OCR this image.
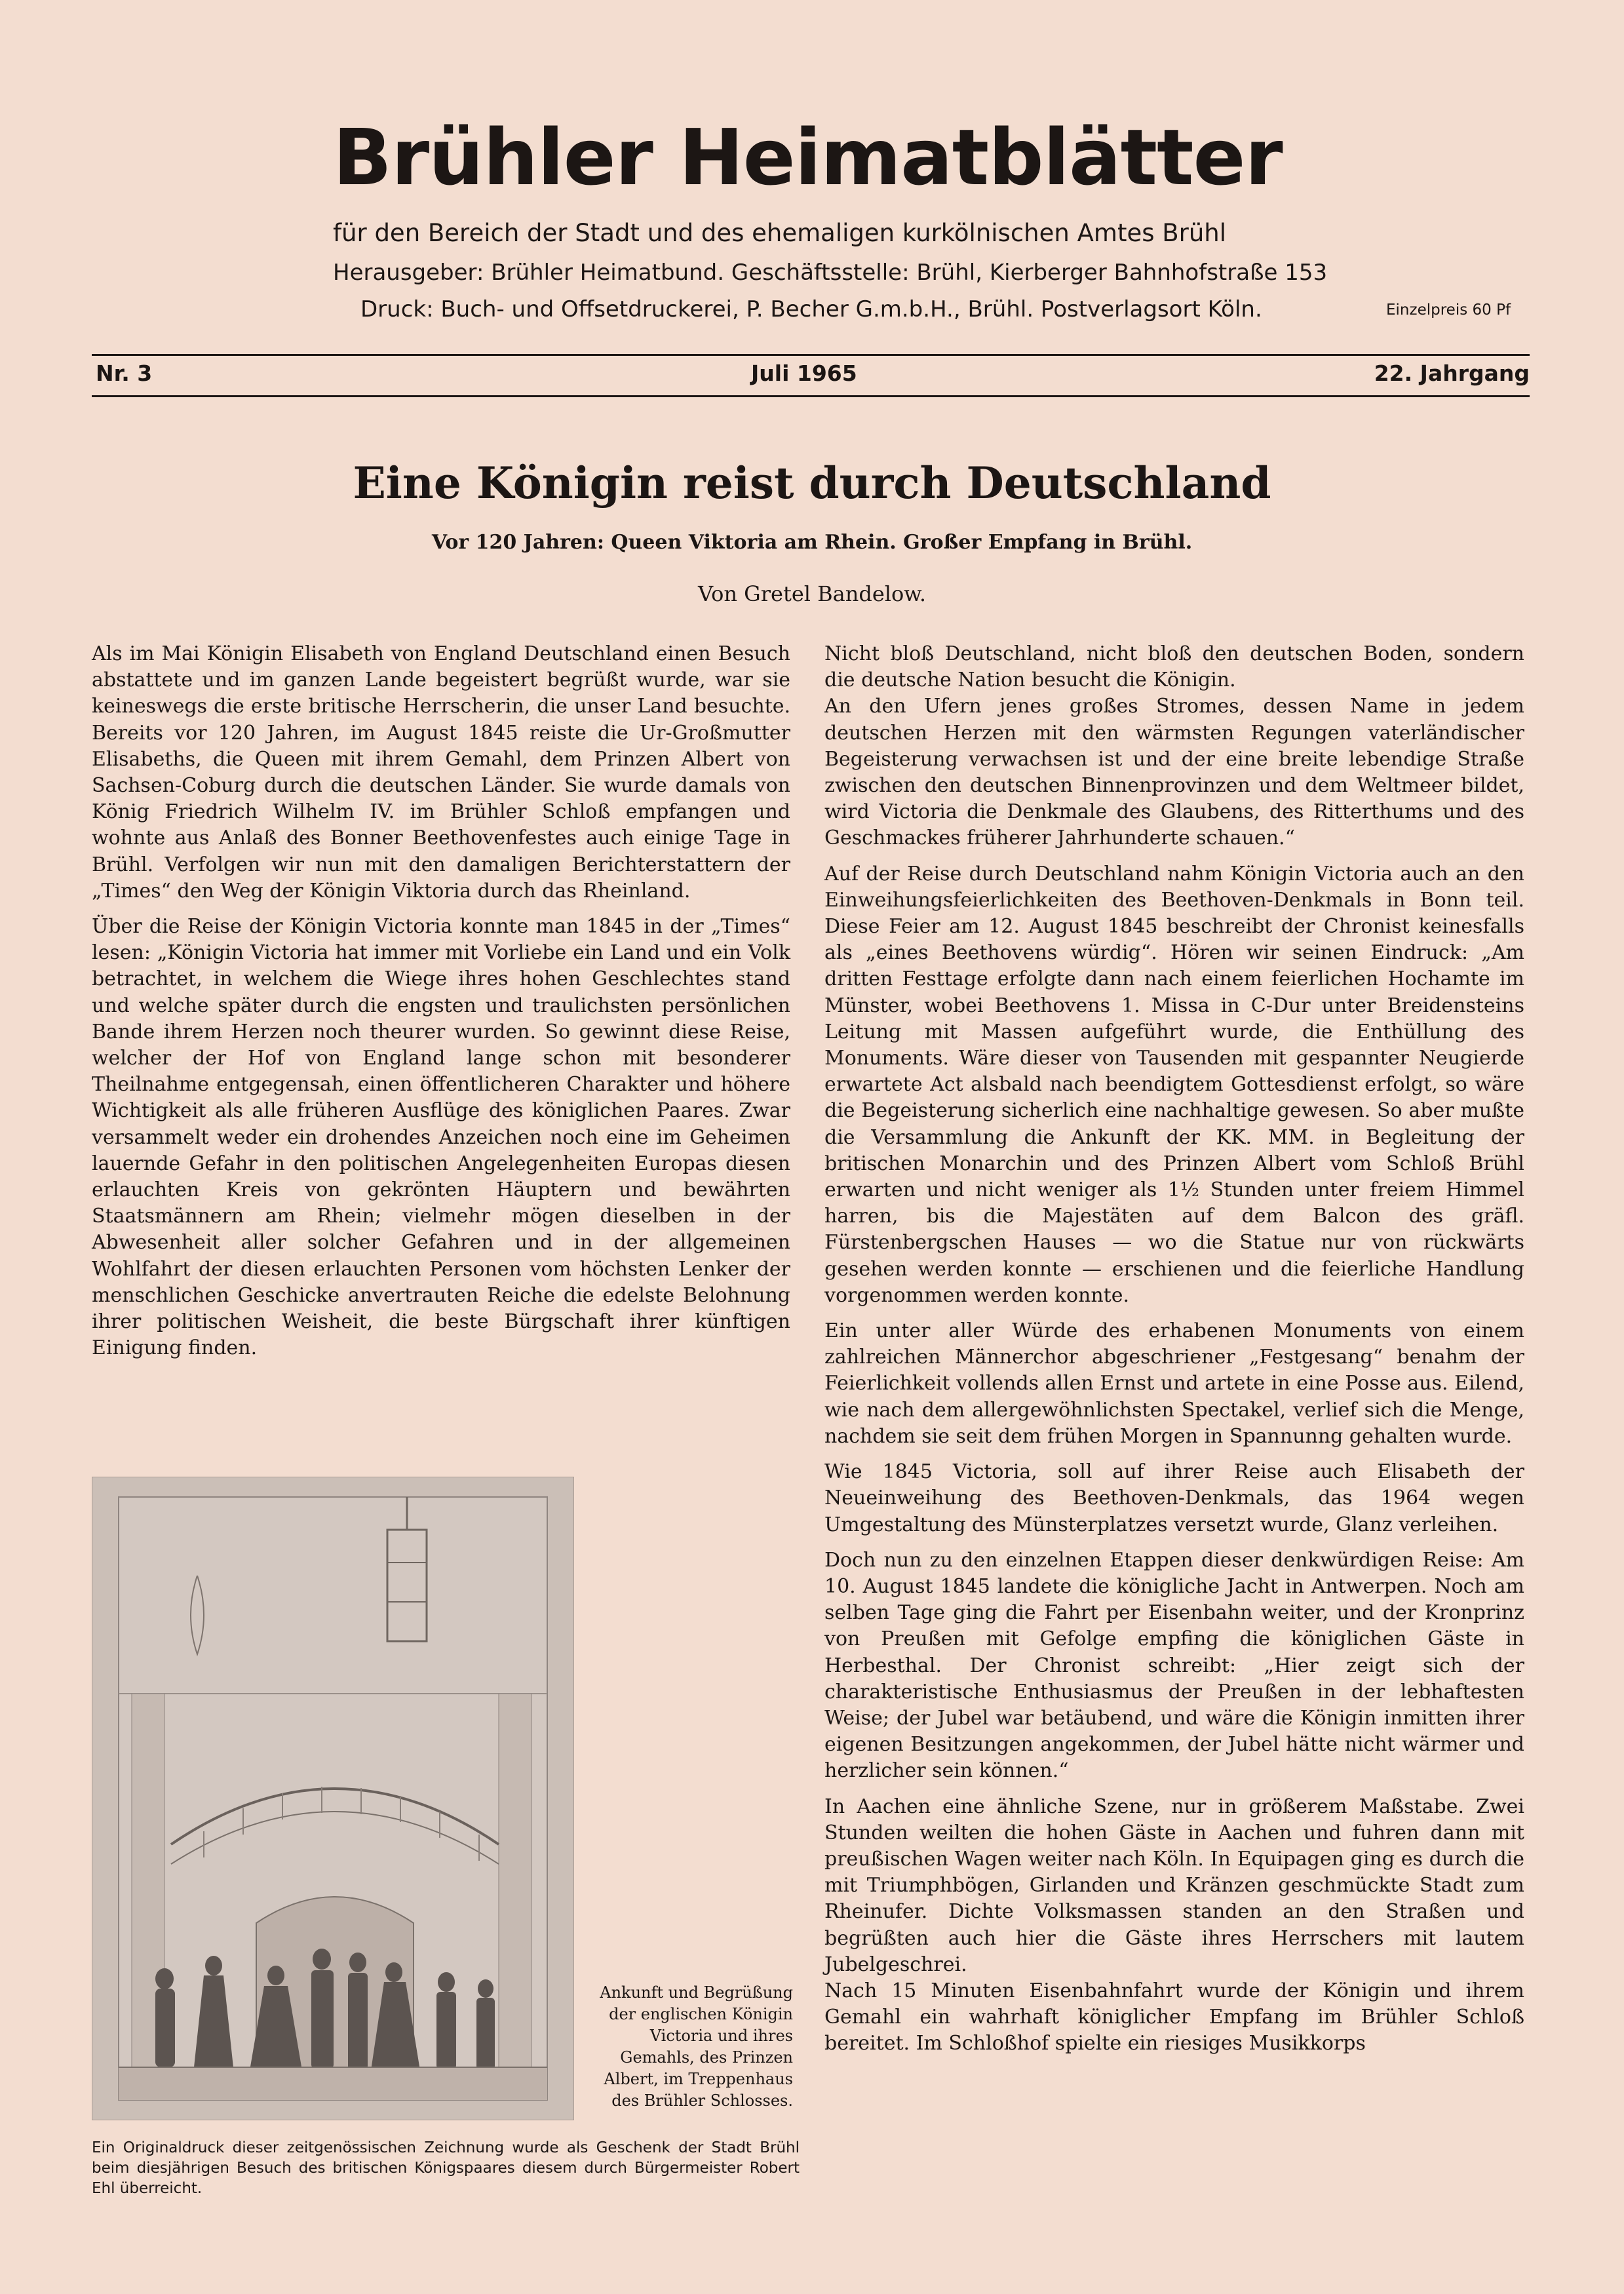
Brühler Heimatblätter
für den Bereich der Stadt und des ehemaligen kurkölnischen Amtes Brühl
Herausgeber: Brühler Heimatbund. Geschäftsstelle: Brühl, Kierberger Bahnhofstraße 153
Druck: Buch- und Offsetdruckerei, P. Becher G.m.b.H., Brühl. Postverlagsort Köln.	Einzelpreis 60 Pf
Nr. 3	Juli 1965	22. Jahrgang
Eine Königin reist durch Deutschland
Vor 120 Jahren: Queen Viktoria am Rhein. Großer Empfang in Brühl.
Von Gretel Bandelow.

Als im Mai Königin Elisabeth von England Deutschland einen Besuch abstattete und im ganzen Lande begeistert begrüßt wurde, war sie keineswegs die erste britische Herrscherin, die unser Land besuchte. Bereits vor 120 Jahren, im August 1845 reiste die Ur-Großmutter Elisabeths, die Queen mit ihrem Gemahl, dem Prinzen Albert von Sachsen-Coburg durch die deutschen Länder. Sie wurde damals von König Friedrich Wilhelm IV. im Brühler Schloß empfangen und wohnte aus Anlaß des Bonner Beethovenfestes auch einige Tage in Brühl. Verfolgen wir nun mit den damaligen Berichterstattern der „Times“ den Weg der Königin Viktoria durch das Rheinland.

Über die Reise der Königin Victoria konnte man 1845 in der „Times“ lesen: „Königin Victoria hat immer mit Vorliebe ein Land und ein Volk betrachtet, in welchem die Wiege ihres hohen Geschlechtes stand und welche später durch die engsten und traulichsten persönlichen Bande ihrem Herzen noch theurer wurden. So gewinnt diese Reise, welcher der Hof von England lange schon mit besonderer Theilnahme entgegensah, einen öffentlicheren Charakter und höhere Wichtigkeit als alle früheren Ausflüge des königlichen Paares. Zwar versammelt weder ein drohendes Anzeichen noch eine im Geheimen lauernde Gefahr in den politischen Angelegenheiten Europas diesen erlauchten Kreis von gekrönten Häuptern und bewährten Staatsmännern am Rhein; vielmehr mögen dieselben in der Abwesenheit aller solcher Gefahren und in der allgemeinen Wohlfahrt der diesen erlauchten Personen vom höchsten Lenker der menschlichen Geschicke anvertrauten Reiche die edelste Belohnung ihrer politischen Weisheit, die beste Bürgschaft ihrer künftigen Einigung finden.

Nicht bloß Deutschland, nicht bloß den deutschen Boden, sondern die deutsche Nation besucht die Königin.

An den Ufern jenes großes Stromes, dessen Name in jedem deutschen Herzen mit den wärmsten Regungen vaterländischer Begeisterung verwachsen ist und der eine breite lebendige Straße zwischen den deutschen Binnenprovinzen und dem Weltmeer bildet, wird Victoria die Denkmale des Glaubens, des Ritterthums und des Geschmackes früherer Jahrhunderte schauen.“

Auf der Reise durch Deutschland nahm Königin Victoria auch an den Einweihungsfeierlichkeiten des Beethoven-Denkmals in Bonn teil. Diese Feier am 12. August 1845 beschreibt der Chronist keinesfalls als „eines Beethovens würdig“. Hören wir seinen Eindruck: „Am dritten Festtage erfolgte dann nach einem feierlichen Hochamte im Münster, wobei Beethovens 1. Missa in C-Dur unter Breidensteins Leitung mit Massen aufgeführt wurde, die Enthüllung des Monuments. Wäre dieser von Tausenden mit gespannter Neugierde erwartete Act alsbald nach beendigtem Gottesdienst erfolgt, so wäre die Begeisterung sicherlich eine nachhaltige gewesen. So aber mußte die Versammlung die Ankunft der KK. MM. in Begleitung der britischen Monarchin und des Prinzen Albert vom Schloß Brühl erwarten und nicht weniger als 1½ Stunden unter freiem Himmel harren, bis die Majestäten auf dem Balcon des gräfl. Fürstenbergschen Hauses — wo die Statue nur von rückwärts gesehen werden konnte — erschienen und die feierliche Handlung vorgenommen werden konnte.

Ein unter aller Würde des erhabenen Monuments von einem zahlreichen Männerchor abgeschriener „Festgesang“ benahm der Feierlichkeit vollends allen Ernst und artete in eine Posse aus. Eilend, wie nach dem allergewöhnlichsten Spectakel, verlief sich die Menge, nachdem sie seit dem frühen Morgen in Spannunng gehalten wurde.

Wie 1845 Victoria, soll auf ihrer Reise auch Elisabeth der Neueinweihung des Beethoven-Denkmals, das 1964 wegen Umgestaltung des Münsterplatzes versetzt wurde, Glanz verleihen.

Doch nun zu den einzelnen Etappen dieser denkwürdigen Reise: Am 10. August 1845 landete die königliche Jacht in Antwerpen. Noch am selben Tage ging die Fahrt per Eisenbahn weiter, und der Kronprinz von Preußen mit Gefolge empfing die königlichen Gäste in Herbesthal. Der Chronist schreibt: „Hier zeigt sich der charakteristische Enthusiasmus der Preußen in der lebhaftesten Weise; der Jubel war betäubend, und wäre die Königin inmitten ihrer eigenen Besitzungen angekommen, der Jubel hätte nicht wärmer und herzlicher sein können.“

In Aachen eine ähnliche Szene, nur in größerem Maßstabe. Zwei Stunden weilten die hohen Gäste in Aachen und fuhren dann mit preußischen Wagen weiter nach Köln. In Equipagen ging es durch die mit Triumphbögen, Girlanden und Kränzen geschmückte Stadt zum Rheinufer. Dichte Volksmassen standen an den Straßen und begrüßten auch hier die Gäste ihres Herrschers mit lautem Jubelgeschrei.

Nach 15 Minuten Eisenbahnfahrt wurde der Königin und ihrem Gemahl ein wahrhaft königlicher Empfang im Brühler Schloß bereitet. Im Schloßhof spielte ein riesiges Musikkorps

Ankunft und Begrüßung der englischen Königin Victoria und ihres Gemahls, des Prinzen Albert, im Treppenhaus des Brühler Schlosses.
Ein Originaldruck dieser zeitgenössischen Zeichnung wurde als Geschenk der Stadt Brühl beim diesjährigen Besuch des britischen Königspaares diesem durch Bürgermeister Robert Ehl überreicht.
